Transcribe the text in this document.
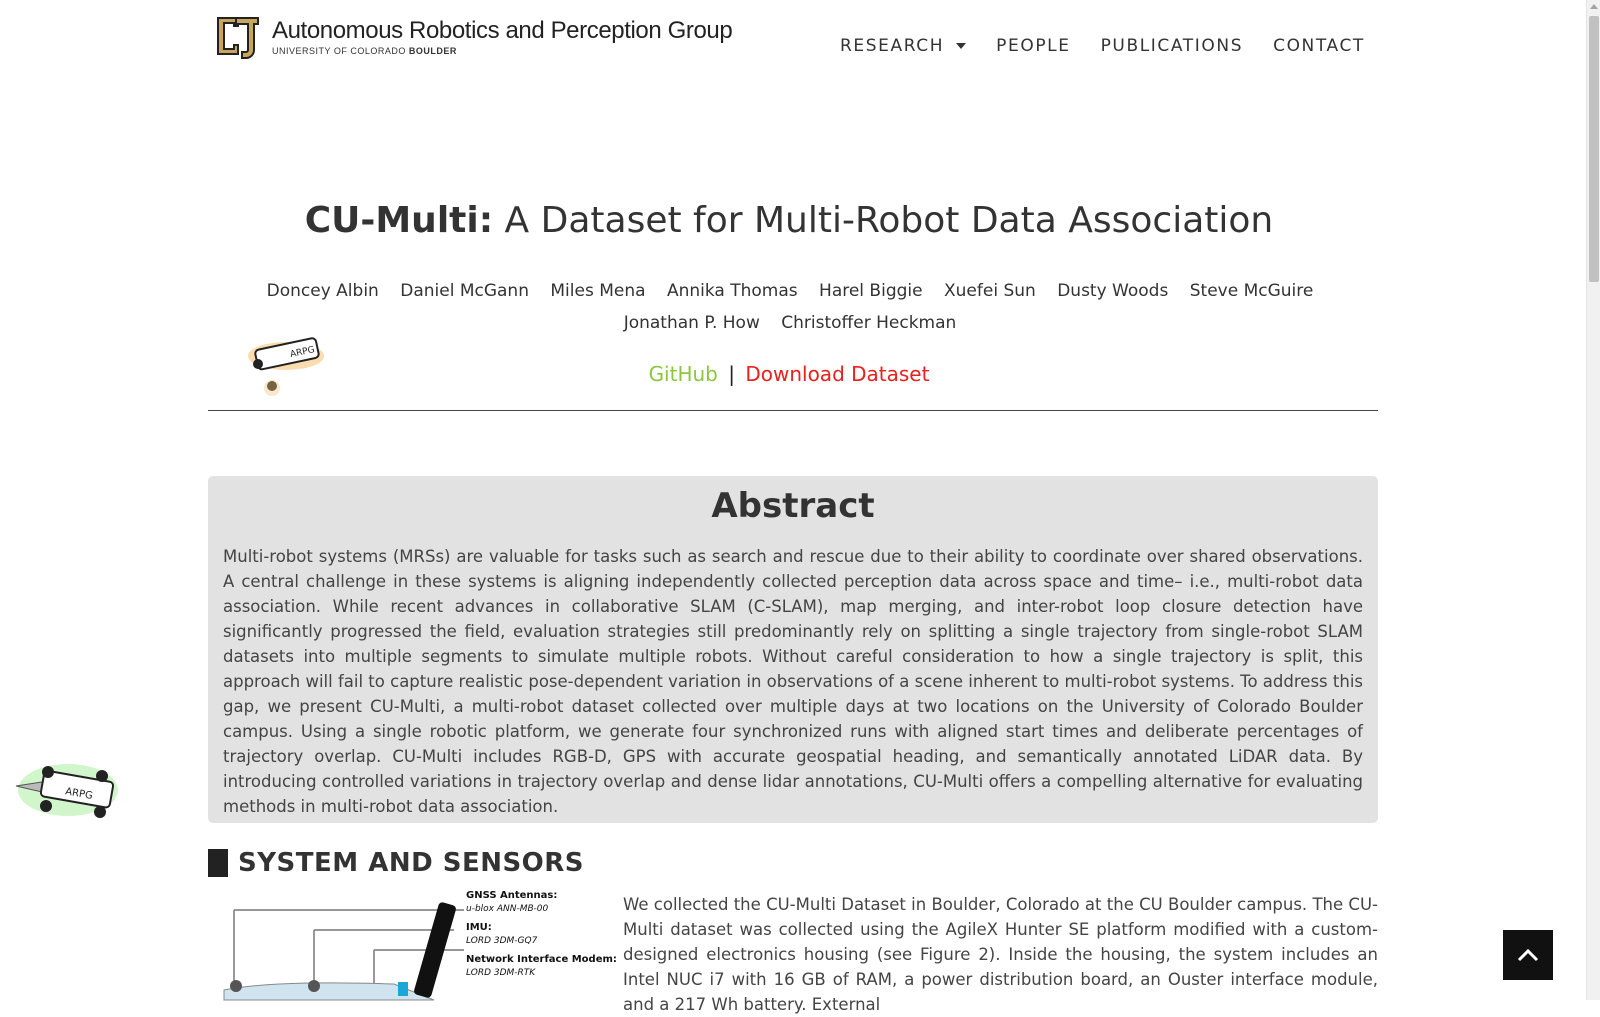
Autonomous Robotics and Perception Group
UNIVERSITY OF COLORADO BOULDER	RESEARCH	PEOPLE PUBLICATIONS CONTACT
CU-Multi: A Dataset for Multi-Robot Data Association
Doncey Albin Daniel McGann Miles Mena Annika Thomas Harel Biggie Xuefei Sun Dusty Woods Steve McGuire
Jonathan P. How Christoffer Heckman
ARPG
GitHub | Download Dataset
ARPG
Abstract

Multi-robot systems (MRSs) are valuable for tasks such as search and rescue due to their ability to coordinate over shared observations. A central challenge in these systems is aligning independently collected perception data across space and time– i.e., multi-robot data association. While recent advances in collaborative SLAM (C-SLAM), map merging, and inter-robot loop closure detection have significantly progressed the field, evaluation strategies still predominantly rely on splitting a single trajectory from single-robot SLAM datasets into multiple segments to simulate multiple robots. Without careful consideration to how a single trajectory is split, this approach will fail to capture realistic pose-dependent variation in observations of a scene inherent to multi-robot systems. To address this gap, we present CU-Multi, a multi-robot dataset collected over multiple days at two locations on the University of Colorado Boulder campus. Using a single robotic platform, we generate four synchronized runs with aligned start times and deliberate percentages of trajectory overlap. CU-Multi includes RGB-D, GPS with accurate geospatial heading, and semantically annotated LiDAR data. By introducing controlled variations in trajectory overlap and dense lidar annotations, CU-Multi offers a compelling alternative for evaluating methods in multi-robot data association.

SYSTEM AND SENSORS
GNSS Antennas:
u-blox ANN-MB-00
IMU:
LORD 3DM-GQ7
Network Interface Modem:
LORD 3DM-RTK

We collected the CU-Multi Dataset in Boulder, Colorado at the CU Boulder campus. The CU-Multi dataset was collected using the AgileX Hunter SE platform modified with a custom-designed electronics housing (see Figure 2). Inside the housing, the system includes an Intel NUC i7 with 16 GB of RAM, a power distribution board, an Ouster interface module, and a 217 Wh battery. External
